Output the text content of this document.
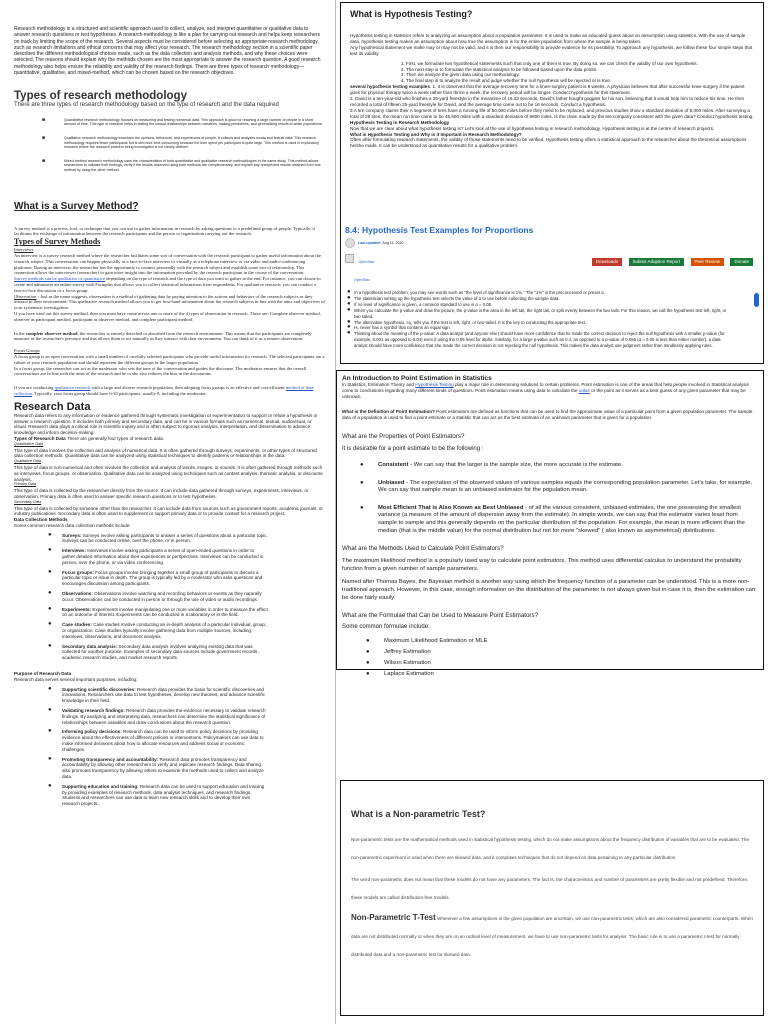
Research methodology is a structured and scientific approach used to collect, analyze, and interpret quantitative or qualitative data to answer research questions or test hypotheses. A research methodology is like a plan for carrying out research and helps keep researchers on track by limiting the scope of the research. Several aspects must be considered before selecting an appropriate research methodology, such as research limitations and ethical concerns that may affect your research. The research methodology section in a scientific paper describes the different methodological choices made, such as the data collection and analysis methods, and why these choices were selected. The reasons should explain why the methods chosen are the most appropriate to answer the research question. A good research methodology also helps ensure the reliability and validity of the research findings. There are three types of research methodology—quantitative, qualitative, and mixed-method, which can be chosen based on the research objectives.

Types of research methodology

There are three types of research methodology based on the type of research and the data required

■ Quantitative research methodology focuses on measuring and testing numerical data. This approach is good for reaching a large number of people in a short amount of time. This type of research helps in testing the causal relationships between variables, making predictions, and generalizing results to wider populations.
■ Qualitative research methodology examines the opinions, behaviors, and experiences of people. It collects and analyzes words and textual data. This research methodology requires fewer participants but is still more time consuming because the time spent per participant is quite large. This method is used in exploratory research where the research problem being investigated is not clearly defined.
■ Mixed-method research methodology uses the characteristics of both quantitative and qualitative research methodologies in the same study. This method allows researchers to validate their findings, verify if the results observed using both methods are complementary, and explain any unexpected results obtained from one method by using the other method.
What is a Survey Method?

A survey method is a process, tool, or technique that you can use to gather information in research by asking questions to a predefined group of people. Typically, it facilitates the exchange of information between the research participants and the person or organization carrying out the research.

Types of Survey Methods

Interviews

An interview is a survey research method where the researcher facilitates some sort of conversation with the research participant to gather useful information about the research subject. This conversation can happen physically as a face-to-face interview or virtually as a telephone interview or via video and audio-conferencing platforms. During an interview, the researcher has the opportunity to connect personally with the research subject and establish some sort of relationship. This connection allows the interviewer (researcher) to gain more insight into the information provided by the research participant in the course of the conversation.

Survey methods can be qualitative or quantitative depending on the type of research and the type of data you want to gather in the end. For instance, you can choose to create and administer an online survey with Formplus that allows you to collect statistical information from respondents. For qualitative research, you can conduct a face-to-face discussion or a focus group.

Observation - Just as the name suggests, observation is a method of gathering data by paying attention to the actions and behaviors of the research subjects as they interact in their environment. This qualitative research method allows you to get first-hand information about the research subjects in line with the aims and objectives of your systematic investigation.

If you have tried out this survey method, then you must have come across one or more of the 4 types of observation in research. These are: Complete observer method, observer as participant method, participant as observer method, and complete participant method.

In the complete observer method, the researcher is entirely detached or absorbed from the research environment. This means that the participants are completely unaware of the researcher's presence and this allows them to act naturally as they interact with their environment. You can think of it as a remote observation.

Focus Groups

A focus group is an open conversation with a small number of carefully selected participants who provide useful information for research. The selected participants are a subset of your research population and should represent the different groups in the larger population.

In a focus group, the researcher can act as the moderator who sets the tone of the conversation and guides the discourse. The moderator ensures that the overall conversations are in line with the aims of the research and he or she also reduces the bias in the discussions.

If you are conducting qualitative research with a large and diverse research population, then adopting focus groups is an effective and cost-efficient method of data collection. Typically, your focus group should have 6-10 participants, usually 8, including the moderator.

Research Data

Research data refers to any information or evidence gathered through systematic investigation or experimentation to support or refute a hypothesis or answer a research question. It includes both primary and secondary data, and can be in various formats such as numerical, textual, audiovisual, or visual. Research data plays a critical role in scientific inquiry and is often subject to rigorous analysis, interpretation, and dissemination to advance knowledge and inform decision-making.

Types of Research Data There are generally four types of research data:

Quantitative Data

This type of data involves the collection and analysis of numerical data. It is often gathered through surveys, experiments, or other types of structured data collection methods. Quantitative data can be analyzed using statistical techniques to identify patterns or relationships in the data.

Qualitative Data

This type of data is non-numerical and often involves the collection and analysis of words, images, or sounds. It is often gathered through methods such as interviews, focus groups, or observation. Qualitative data can be analyzed using techniques such as content analysis, thematic analysis, or discourse analysis.

Primary Data

This type of data is collected by the researcher directly from the source. It can include data gathered through surveys, experiments, interviews, or observation. Primary data is often used to answer specific research questions or to test hypotheses.

Secondary Data

This type of data is collected by someone other than the researcher. It can include data from sources such as government reports, academic journals, or industry publications. Secondary data is often used to supplement or support primary data or to provide context for a research project.

Data Collection Methods

Some common research data collection methods include:

● Surveys: Surveys involve asking participants to answer a series of questions about a particular topic. Surveys can be conducted online, over the phone, or in person.
● Interviews: Interviews involve asking participants a series of open-ended questions in order to gather detailed information about their experiences or perspectives. Interviews can be conducted in person, over the phone, or via video conferencing.
● Focus groups: Focus groups involve bringing together a small group of participants to discuss a particular topic or issue in depth. The group is typically led by a moderator who asks questions and encourages discussion among participants.
● Observations: Observations involve watching and recording behaviors or events as they naturally occur. Observations can be conducted in person or through the use of video or audio recordings.
● Experiments: Experiments involve manipulating one or more variables in order to measure the effect on an outcome of interest. Experiments can be conducted in a laboratory or in the field.
● Case studies: Case studies involve conducting an in-depth analysis of a particular individual, group, or organization. Case studies typically involve gathering data from multiple sources, including interviews, observations, and document analysis.
● Secondary data analysis: Secondary data analysis involves analyzing existing data that was collected for another purpose. Examples of secondary data sources include government records, academic research studies, and market research reports.

Purpose of Research Data

Research data serves several important purposes, including:

● Supporting scientific discoveries: Research data provides the basis for scientific discoveries and innovations. Researchers use data to test hypotheses, develop new theories, and advance scientific knowledge in their field.
● Validating research findings: Research data provides the evidence necessary to validate research findings. By analyzing and interpreting data, researchers can determine the statistical significance of relationships between variables and draw conclusions about the research question.
● Informing policy decisions: Research data can be used to inform policy decisions by providing evidence about the effectiveness of different policies or interventions. Policymakers can use data to make informed decisions about how to allocate resources and address social or economic challenges.
● Promoting transparency and accountability: Research data promotes transparency and accountability by allowing other researchers to verify and replicate research findings. Data sharing also promotes transparency by allowing others to examine the methods used to collect and analyze data.
● Supporting education and training: Research data can be used to support education and training by providing examples of research methods, data analysis techniques, and research findings. Students and researchers can use data to learn new research skills and to develop their own research projects.
What is Hypothesis Testing?

Hypothesis testing in statistics refers to analyzing an assumption about a population parameter. It is used to make an educated guess about an assumption using statistics. With the use of sample data, hypothesis testing makes an assumption about how true the assumption is for the entire population from where the sample is being taken.

Any hypothetical statement we make may or may not be valid, and it is then our responsibility to provide evidence for its possibility. To approach any hypothesis, we follow these four simple steps that test its validity.

1. First, we formulate two hypothetical statements such that only one of them is true. By doing so, we can check the validity of our own hypothesis.
2. The next step is to formulate the statistical analysis to be followed based upon the data points.
3. Then we analyze the given data using our methodology.
4. The final step is to analyze the result and judge whether the null hypothesis will be rejected or is true.

several hypothesis testing examples: 1. It is observed that the average recovery time for a knee-surgery patient is 8 weeks. A physician believes that after successful knee surgery if the patient goes for physical therapy twice a week rather than thrice a week, the recovery period will be longer. Conduct hypothesis for this statement.

2. David is a ten-year-old who finishes a 25-yard freestyle in the meantime of 16.43 seconds. David's father bought goggles for his son, believing that it would help him to reduce his time. He then recorded a total of fifteen 25-yard freestyle for David, and the average time came out to be 16 seconds. Conduct a hypothesis.

3.A tire company claims their A segment of tires have a running life of 50,000 miles before they need to be replaced, and previous studies show a standard deviation of 8,000 miles. After surveying a total of 28 tires, the mean run time came to be 46,500 miles with a standard deviation of 9800 miles. Is the claim made by the tire company consistent with the given data? Conduct hypothesis testing.

Hypothesis Testing in Research Methodology

Now that we are clear about what hypothesis testing is? Let's look at the use of hypothesis testing in research methodology. Hypothesis testing is at the centre of research projects.

What is Hypothesis Testing and Why is it Important in Research Methodology?

Often after formulating research statements, the validity of those statements need to be verified. Hypothesis testing offers a statistical approach to the researcher about the theoretical assumptions he/she made. It can be understood as quantitative results for a qualitative problem.

8.4: Hypothesis Test Examples for Proportions
Last updated Aug 11, 2020
OpenStax
OpenStax
Downloads	Submit Adoption Report	Peer Review	Donate
● In a hypothesis test problem, you may see words such as "the level of significance is 1%." The "1%" is the preconceived or preset α.
● The statistician setting up the hypothesis test selects the value of α to use before collecting the sample data.
● If no level of significance is given, a common standard to use is α = 0.05.
● When you calculate the p-value and draw the picture, the p-value is the area in the left tail, the right tail, or split evenly between the two tails. For this reason, we call the hypothesis test left, right, or two tailed.
● The alternative hypothesis, Hₐ, tells you if the test is left, right, or two-tailed. It is the key to conducting the appropriate test.
● H₀ never has a symbol that contains an equal sign.
● Thinking about the meaning of the p-value: A data analyst (and anyone else) should have more confidence that he made the correct decision to reject the null hypothesis with a smaller p-value (for example, 0.001 as opposed to 0.04) even if using the 0.05 level for alpha. Similarly, for a large p-value such as 0.4, as opposed to a p-value of 0.056 (α = 0.05 is less than either number), a data analyst should have more confidence that she made the correct decision in not rejecting the null hypothesis. This makes the data analyst use judgment rather than mindlessly applying rules.
An Introduction to Point Estimation in Statistics

In Statistics, Estimation Theory and Hypothesis Testing play a major role in determining solutions to certain problems. Point estimation is one of the areas that help people involved in Statistical analysis come to conclusions regarding many different kinds of questions. Point estimation means using data to calculate the value or the point as it serves as a best guess of any given parameter that may be unknown.

What is the Definition of Point Estimation? Point estimators are defined as functions that can be used to find the approximate value of a particular point from a given population parameter. The sample data of a population is used to find a point estimate or a statistic that can act as the best estimate of an unknown parameter that is given for a population.

What are the Properties of Point Estimators?

It is desirable for a point estimate to be the following :

● Consistent - We can say that the larger is the sample size, the more accurate is the estimate.
● Unbiased - The expectation of the observed values of various samples equals the corresponding population parameter. Let's take, for example, We can say that sample mean is an unbiased estimator for the population mean.
● Most Efficient That is Also Known as Best Unbiased - of all the various consistent, unbiased estimates, the one possessing the smallest variance (a measure of the amount of dispersion away from the estimate). In simple words, we can say that the estimator varies least from sample to sample and this generally depends on the particular distribution of the population. For example, the mean is more efficient than the median (that is the middle value) for the normal distribution but not for more "skewed" ( also known as asymmetrical) distributions.

What are the Methods Used to Calculate Point Estimators?

The maximum likelihood method is a popularly used way to calculate point estimators. This method uses differential calculus to understand the probability function from a given number of sample parameters.

Named after Thomas Bayes, the Bayesian method is another way using which the frequency function of a parameter can be understood. This is a more non-traditional approach. However, in this case, enough information on the distribution of the parameter is not always given but in case it is, then the estimation can be done fairly easily.

What are the Formulae that Can be Used to Measure Point Estimators?

Some common formulae include:

● Maximum Likelihood Estimation or MLE
● Jeffrey Estimation
● Wilson Estimation
● Laplace Estimation
What is a Non-parametric Test?

Non-parametric tests are the mathematical methods used in statistical hypothesis testing, which do not make assumptions about the frequency distribution of variables that are to be evaluated. The non-parametric experiment is used when there are skewed data, and it comprises techniques that do not depend on data pertaining to any particular distribution.

The word non-parametric does not mean that these models do not have any parameters. The fact is, the characteristics and number of parameters are pretty flexible and not predefined. Therefore, these models are called distribution-free models.

Non-Parametric T-Test Whenever a few assumptions in the given population are uncertain, we use non-parametric tests, which are also considered parametric counterparts. When data are not distributed normally or when they are on an ordinal level of measurement, we have to use non-parametric tests for analysis. The basic rule is to use a parametric t-test for normally distributed data and a non-parametric test for skewed data.
